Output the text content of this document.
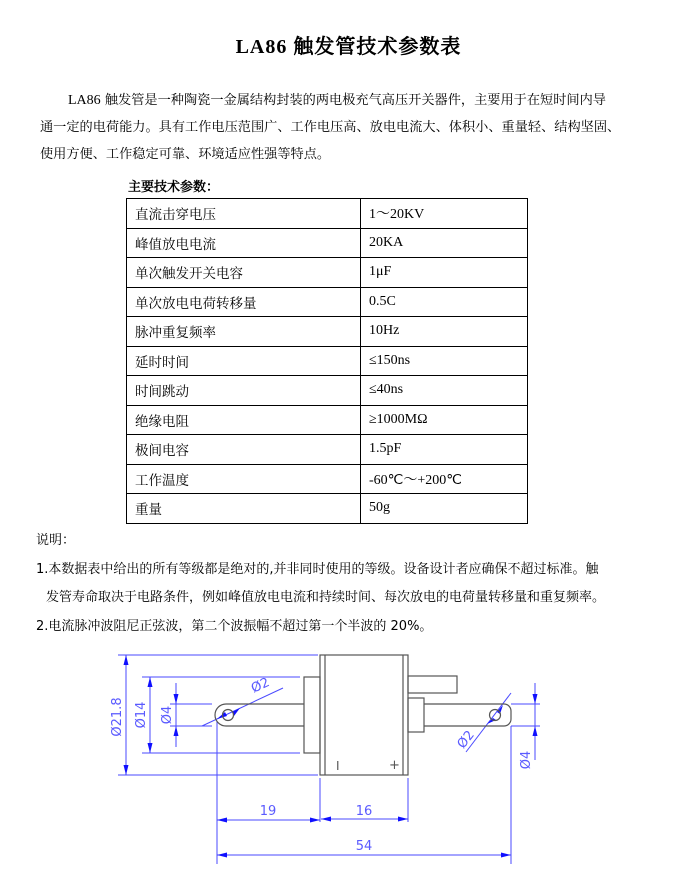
LA86 触发管技术参数表

LA86 触发管是一种陶瓷一金属结构封装的两电极充气高压开关器件，主要用于在短时间内导

通一定的电荷能力。具有工作电压范围广、工作电压高、放电电流大、体积小、重量轻、结构坚固、

使用方便、工作稳定可靠、环境适应性强等特点。

主要技术参数：
直流击穿电压	1～20KV
峰值放电电流	20KA
单次触发开关电容	1μF
单次放电电荷转移量	0.5C
脉冲重复频率	10Hz
延时时间	≤150ns
时间跳动	≤40ns
绝缘电阻	≥1000MΩ
极间电容	1.5pF
工作温度	-60℃～+200℃
重量	50g

说明：

1.本数据表中给出的所有等级都是绝对的,并非同时使用的等级。设备设计者应确保不超过标准。触

发管寿命取决于电路条件，例如峰值放电电流和持续时间、每次放电的电荷量转移量和重复频率。

2.电流脉冲波阻尼正弦波，第二个波振幅不超过第一个半波的 20%。

Ø21.8 Ø14 Ø4
Ø4
Ø2
Ø2
19	16
54
I	+
